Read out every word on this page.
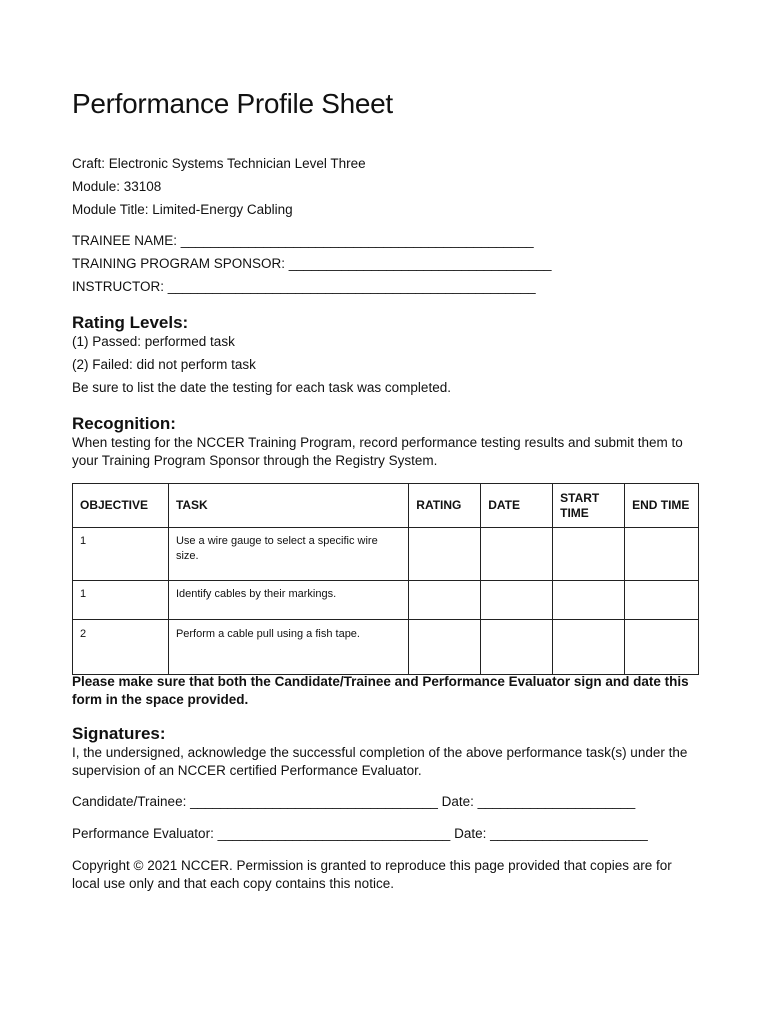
Performance Profile Sheet
Craft: Electronic Systems Technician Level Three
Module: 33108
Module Title: Limited-Energy Cabling
TRAINEE NAME: _______________________________________________
TRAINING PROGRAM SPONSOR: ___________________________________
INSTRUCTOR: _________________________________________________
Rating Levels:
(1) Passed: performed task
(2) Failed: did not perform task
Be sure to list the date the testing for each task was completed.
Recognition:
When testing for the NCCER Training Program, record performance testing results and submit them to your Training Program Sponsor through the Registry System.
OBJECTIVE	TASK	RATING	DATE	START TIME	END TIME
1	Use a wire gauge to select a specific wire size.				
1	Identify cables by their markings.				
2	Perform a cable pull using a fish tape.				
Please make sure that both the Candidate/Trainee and Performance Evaluator sign and date this form in the space provided.
Signatures:
I, the undersigned, acknowledge the successful completion of the above performance task(s) under the supervision of an NCCER certified Performance Evaluator.
Candidate/Trainee: _________________________________ Date: _____________________
Performance Evaluator: _______________________________ Date: _____________________
Copyright © 2021 NCCER. Permission is granted to reproduce this page provided that copies are for local use only and that each copy contains this notice.
